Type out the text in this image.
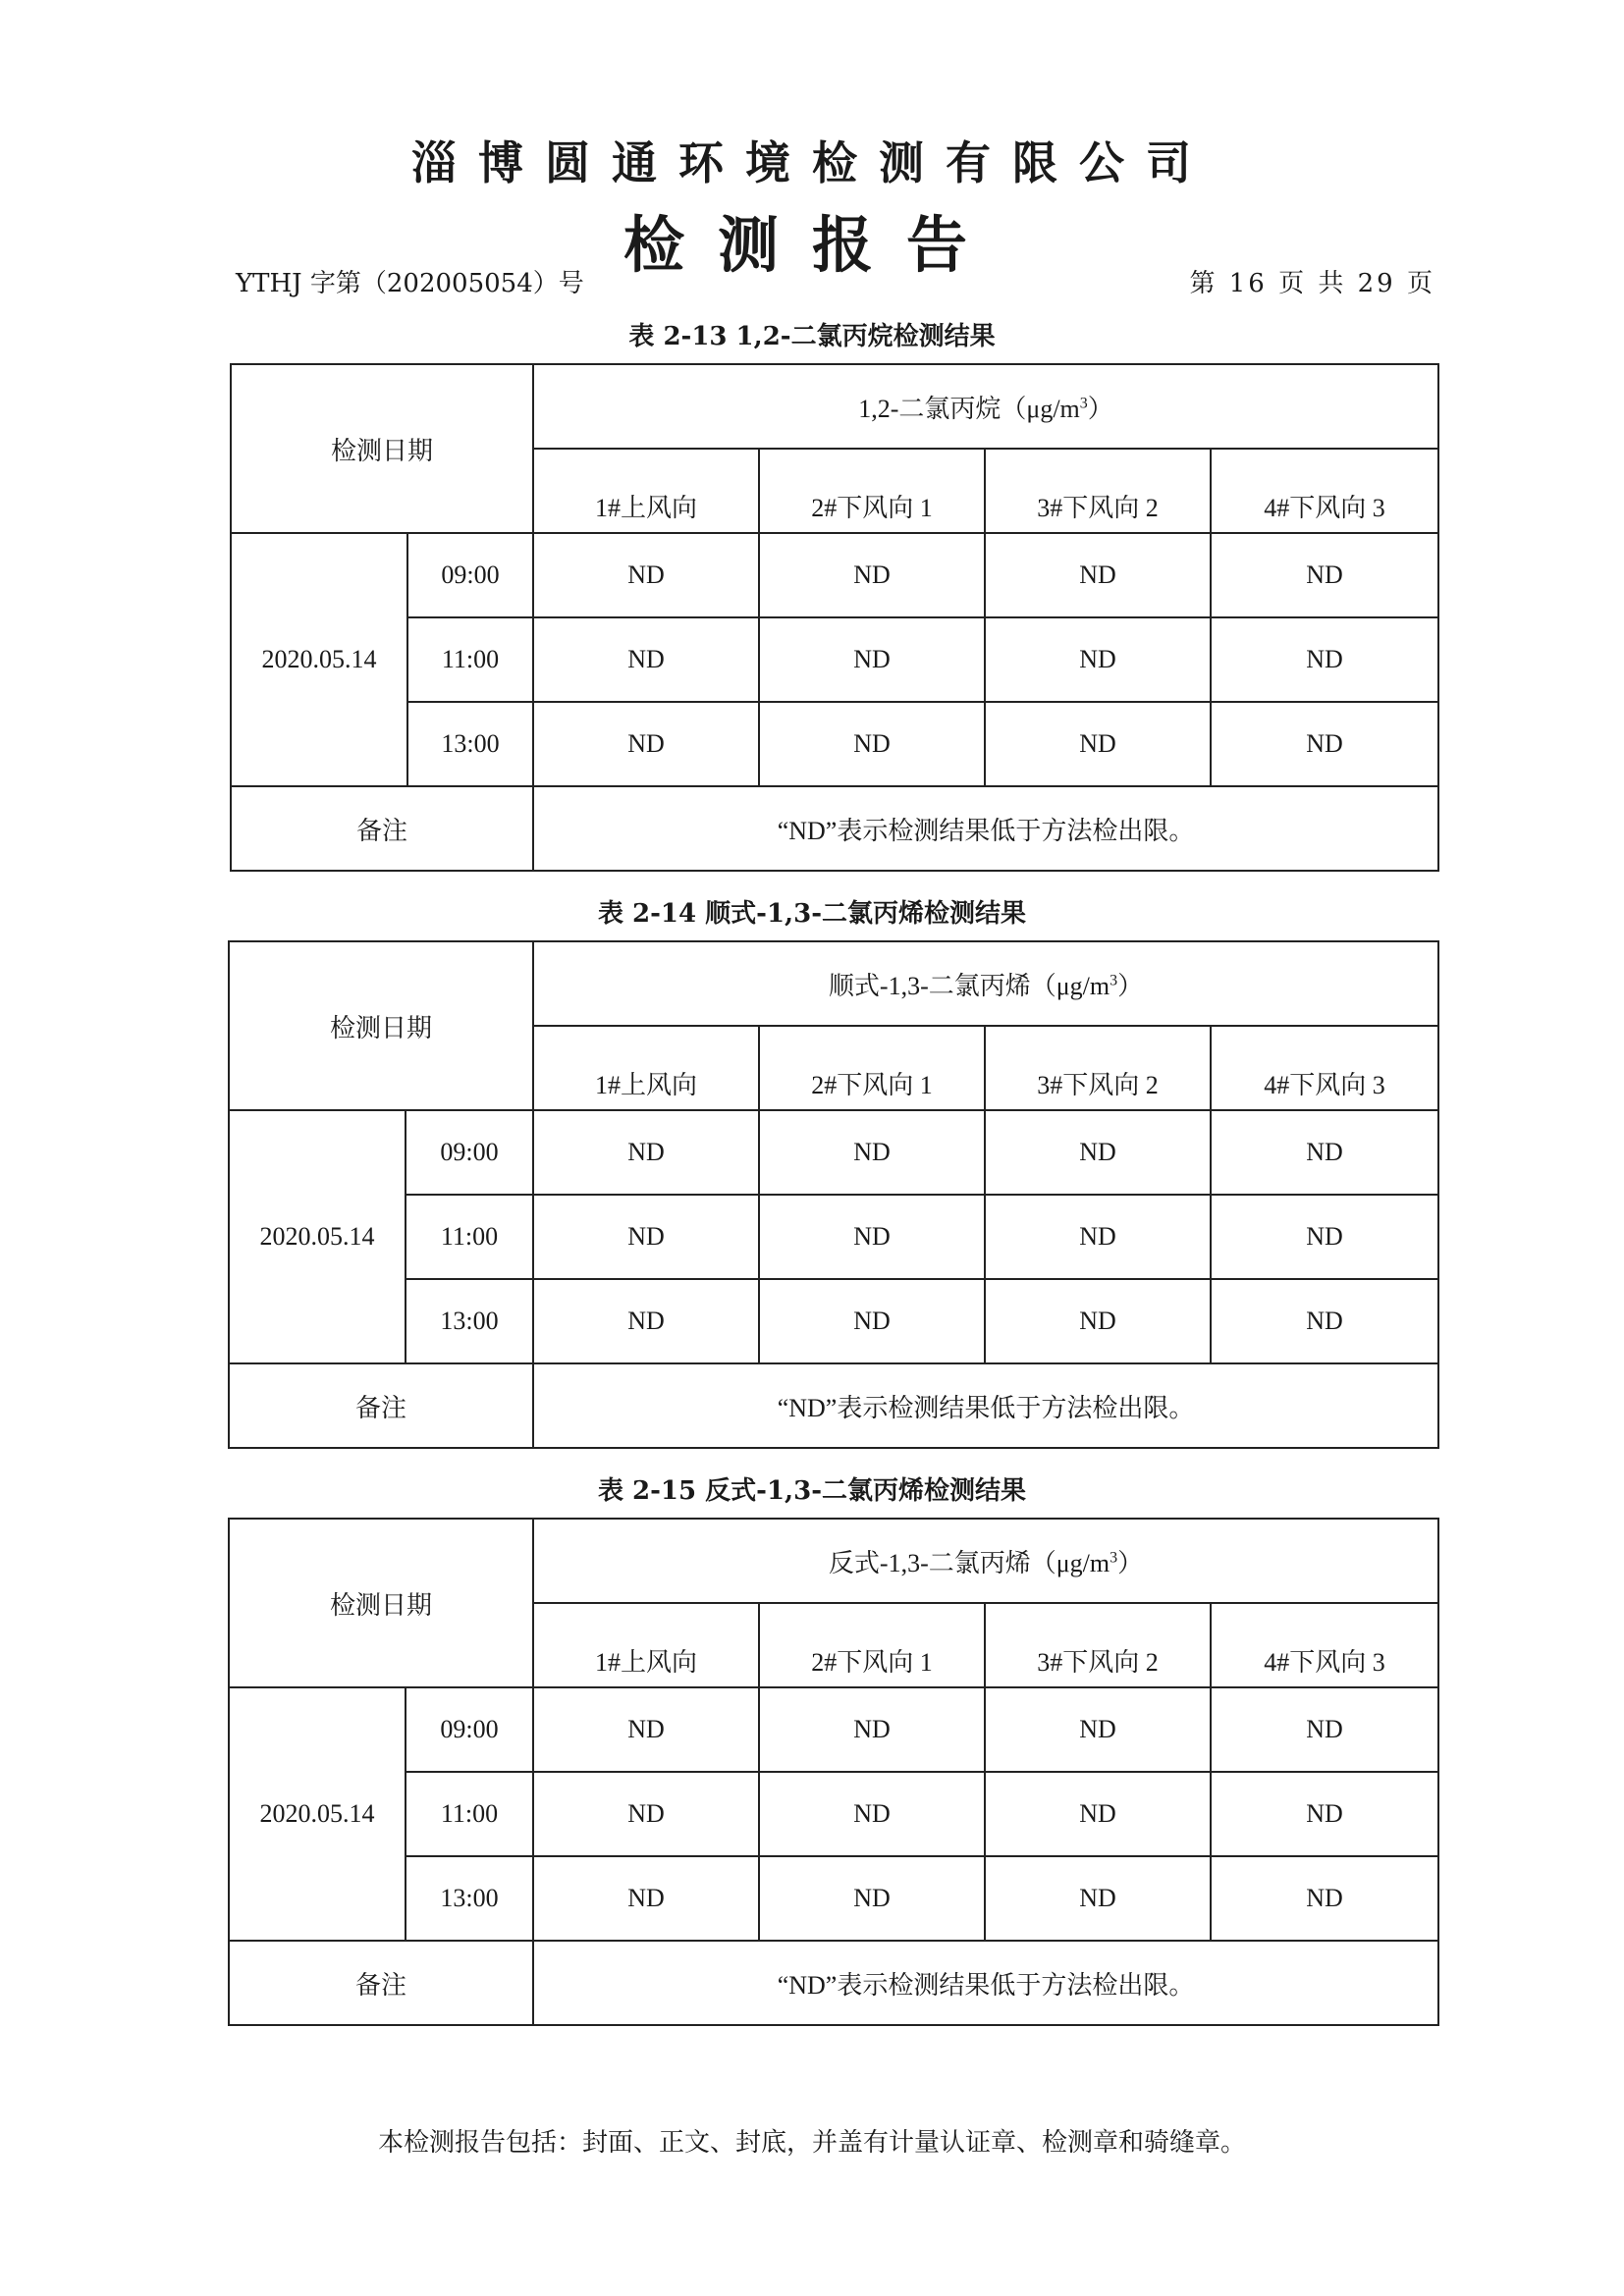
淄博圆通环境检测有限公司
检测报告
YTHJ 字第（202005054）号	第 16 页 共 29 页
表 2-13 1,2-二氯丙烷检测结果
检测日期		1,2-二氯丙烷$(\mu g/m^3)$			
		1#上风向	2#下风向 1	3#下风向 2	4#下风向 3
2020.05.14	09:00	ND	ND	ND	ND
	11:00	ND	ND	ND	ND
	13:00	ND	ND	ND	ND
备注		“ND”表示检测结果低于方法检出限。			
表 2-14 顺式-1,3-二氯丙烯检测结果
检测日期		顺式-1,3-二氯丙烯$(\mu g/m^3)$			
		1#上风向	2#下风向 1	3#下风向 2	4#下风向 3
2020.05.14	09:00	ND	ND	ND	ND
	11:00	ND	ND	ND	ND
	13:00	ND	ND	ND	ND
备注		“ND”表示检测结果低于方法检出限。			
表 2-15 反式-1,3-二氯丙烯检测结果
检测日期		反式-1,3-二氯丙烯$(\mu g/m^3)$			
		1#上风向	2#下风向 1	3#下风向 2	4#下风向 3
2020.05.14	09:00	ND	ND	ND	ND
	11:00	ND	ND	ND	ND
	13:00	ND	ND	ND	ND
备注		“ND”表示检测结果低于方法检出限。			
本检测报告包括：封面、正文、封底，并盖有计量认证章、检测章和骑缝章。
